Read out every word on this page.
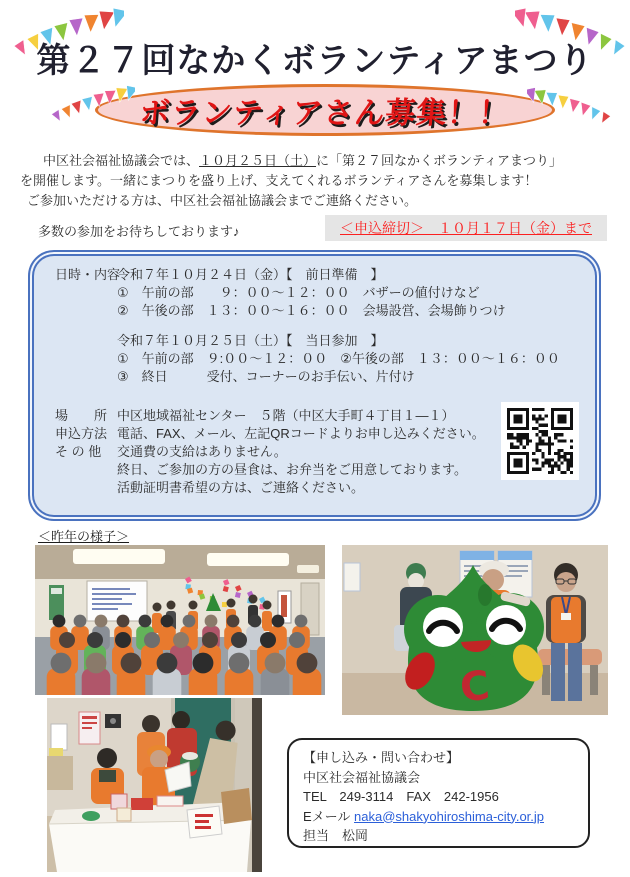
第２７回なかくボランティアまつり
ボランティアさん募集！！
　中区社会福祉協議会では、１０月２５日（土）に「第２７回なかくボランティアまつり」
を開催します。一緒にまつりを盛り上げ、支えてくれるボランティアさんを募集します！
ご参加いただける方は、中区社会福祉協議会までご連絡ください。
多数の参加をお待ちしております♪	＜申込締切＞　１０月１７日（金）まで
日時・内容
令和７年１０月２４日（金）【　前日準備　】
①　午前の部　　９：００～１２：００　バザーの値付けなど
②　午後の部　１３：００～１６：００　会場設営、会場飾りつけ
令和７年１０月２５日（土）【　当日参加　】
①　午前の部　９:００～１２：００　②午後の部　１３：００～１６：００
③　終日　　　受付、コーナーのお手伝い、片付け
場　　所 中区地域福祉センター　５階（中区大手町４丁目１―１）
申込方法 電話、FAX、メール、左記QRコードよりお申し込みください。
そ の 他	交通費の支給はありません。
終日、ご参加の方の昼食は、お弁当をご用意しております。
活動証明書希望の方は、ご連絡ください。
＜昨年の様子＞
C
【申し込み・問い合わせ】
中区社会福祉協議会
TEL　249-3114　FAX　242-1956
Eメール naka@shakyohiroshima-city.or.jp
担当　松岡
